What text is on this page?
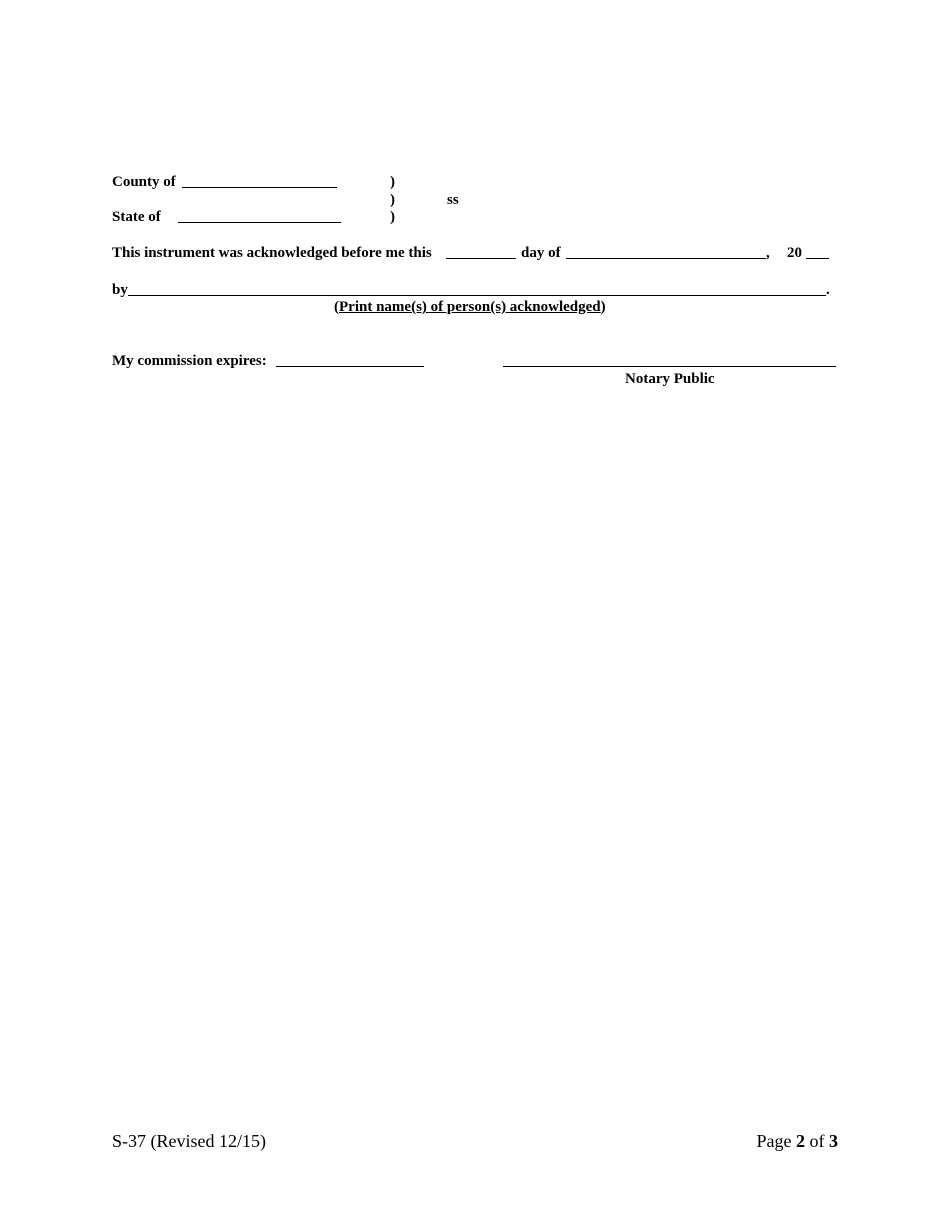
County of	)
)	ss
State of	)
This instrument was acknowledged before me this	day of	, 20
by	.
(Print name(s) of person(s) acknowledged)
My commission expires:
Notary Public
S-37 (Revised 12/15)	Page 2 of 3
